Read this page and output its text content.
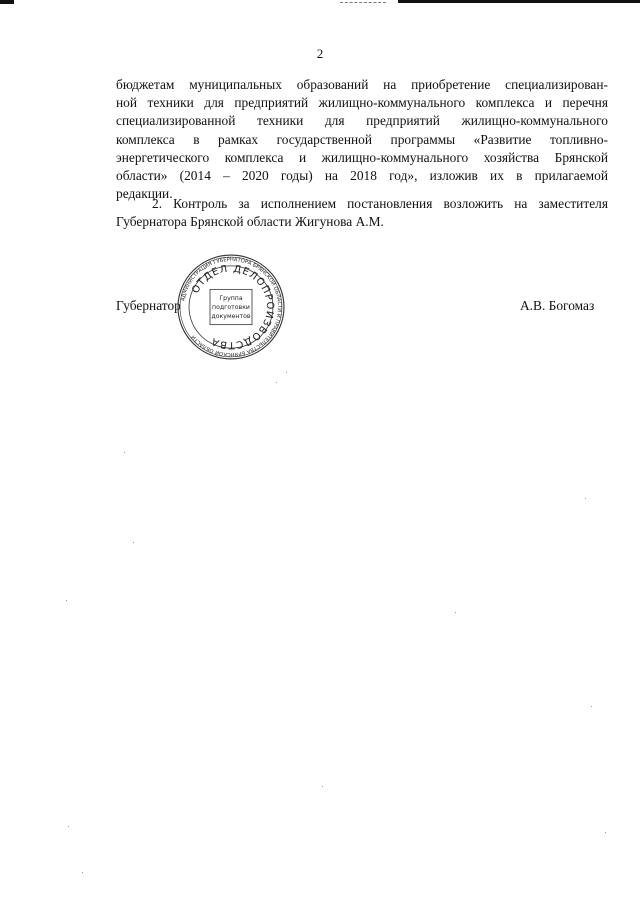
2
бюджетам муниципальных образований на приобретение специализирован-
ной техники для предприятий жилищно-коммунального комплекса и перечня
специализированной техники для предприятий жилищно-коммунального
комплекса в рамках государственной программы «Развитие топливно-
энергетического комплекса и жилищно-коммунального хозяйства Брянской
области» (2014 – 2020 годы) на 2018 год», изложив их в прилагаемой
редакции.
2. Контроль за исполнением постановления возложить на заместителя
Губернатора Брянской области Жигунова А.М.
Губернатор	А.В. Богомаз
АДМИНИСТРАЦИЯ ГУБЕРНАТОРА БРЯНСКОЙ ОБЛАСТИ И ПРАВИТЕЛЬСТВА БРЯНСКОЙ ОБЛАСТИ
ОТДЕЛ ДЕЛОПРОИЗВОДСТВА
Группа
подготовки
документов
